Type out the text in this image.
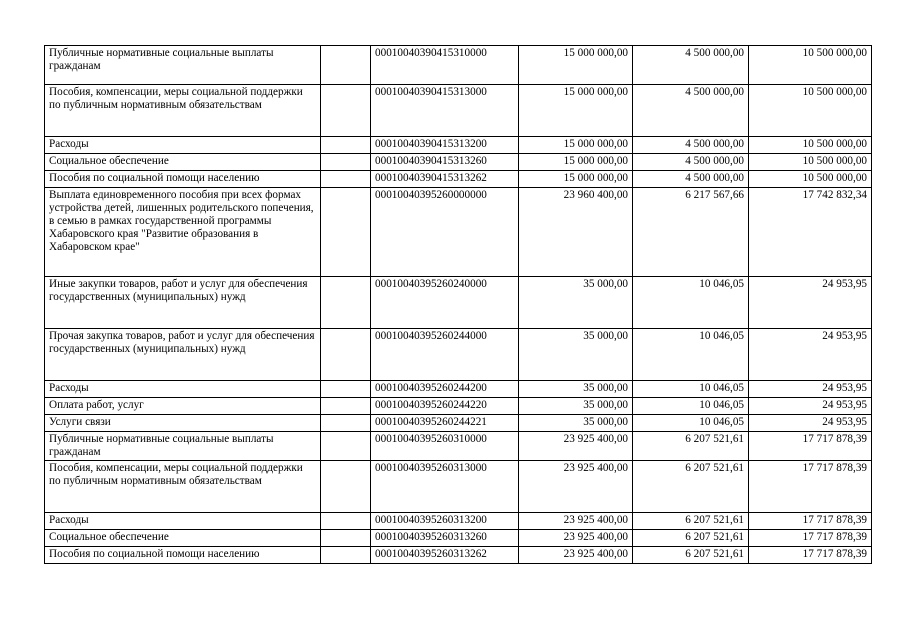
Публичные нормативные социальные выплаты гражданам		00010040390415310000	15 000 000,00	4 500 000,00	10 500 000,00
Пособия, компенсации, меры социальной поддержки по публичным нормативным обязательствам		00010040390415313000	15 000 000,00	4 500 000,00	10 500 000,00
Расходы		00010040390415313200	15 000 000,00	4 500 000,00	10 500 000,00
Социальное обеспечение		00010040390415313260	15 000 000,00	4 500 000,00	10 500 000,00
Пособия по социальной помощи населению		00010040390415313262	15 000 000,00	4 500 000,00	10 500 000,00
Выплата единовременного пособия при всех формах устройства детей, лишенных родительского попечения, в семью в рамках государственной программы Хабаровского края "Развитие образования в Хабаровском крае"		00010040395260000000	23 960 400,00	6 217 567,66	17 742 832,34
Иные закупки товаров, работ и услуг для обеспечения государственных (муниципальных) нужд		00010040395260240000	35 000,00	10 046,05	24 953,95
Прочая закупка товаров, работ и услуг для обеспечения государственных (муниципальных) нужд		00010040395260244000	35 000,00	10 046,05	24 953,95
Расходы		00010040395260244200	35 000,00	10 046,05	24 953,95
Оплата работ, услуг		00010040395260244220	35 000,00	10 046,05	24 953,95
Услуги связи		00010040395260244221	35 000,00	10 046,05	24 953,95
Публичные нормативные социальные выплаты гражданам		00010040395260310000	23 925 400,00	6 207 521,61	17 717 878,39
Пособия, компенсации, меры социальной поддержки по публичным нормативным обязательствам		00010040395260313000	23 925 400,00	6 207 521,61	17 717 878,39
Расходы		00010040395260313200	23 925 400,00	6 207 521,61	17 717 878,39
Социальное обеспечение		00010040395260313260	23 925 400,00	6 207 521,61	17 717 878,39
Пособия по социальной помощи населению		00010040395260313262	23 925 400,00	6 207 521,61	17 717 878,39
